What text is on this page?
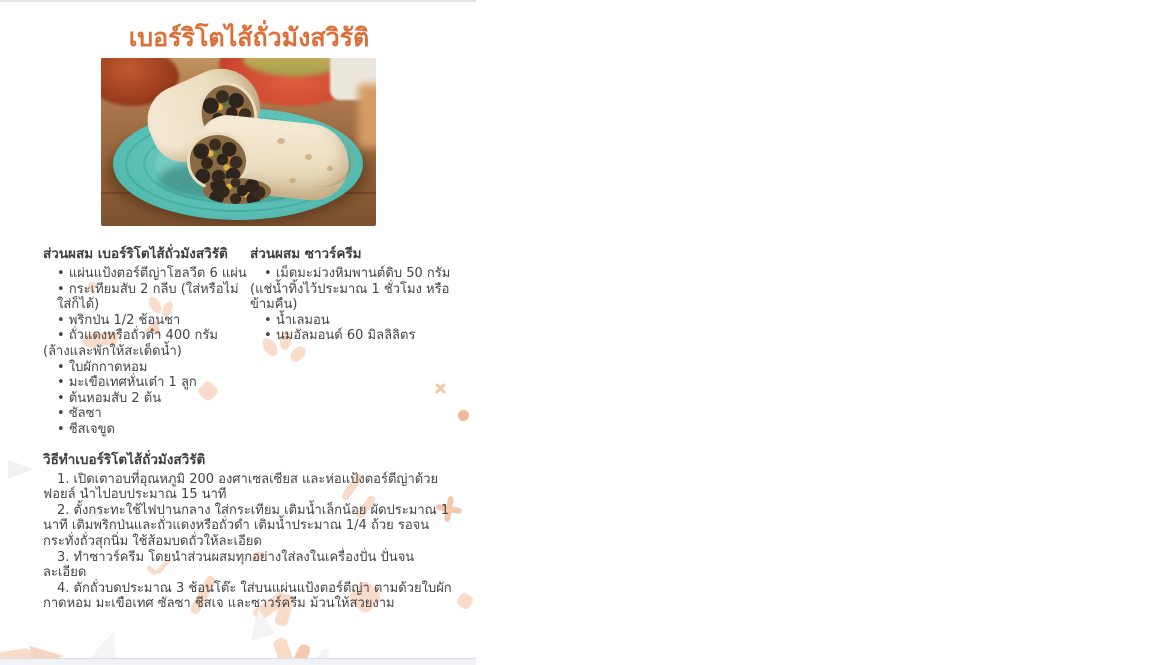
เบอร์ริโตไส้ถั่วมังสวิรัติ
ส่วนผสม เบอร์ริโตไส้ถั่วมังสวิรัติ
• แผ่นแป้งตอร์ตีญ่าโฮลวีต 6 แผ่น
• กระเทียมสับ 2 กลีบ (ใส่หรือไม่ใส่ก็ได้)
• พริกป่น 1/2 ช้อนชา
• ถั่วแดงหรือถั่วดำ 400 กรัม
(ล้างและพักให้สะเด็ดน้ำ)
• ใบผักกาดหอม
• มะเขือเทศหั่นเต๋า 1 ลูก
• ต้นหอมสับ 2 ต้น
• ซัลซา
• ชีสเจขูด
ส่วนผสม ซาวร์ครีม
• เม็ดมะม่วงหิมพานต์ดิบ 50 กรัม
(แช่น้ำทิ้งไว้ประมาณ 1 ชั่วโมง หรือข้ามคืน)
• น้ำเลมอน
• นมอัลมอนด์ 60 มิลลิลิตร
วิธีทำเบอร์ริโตไส้ถั่วมังสวิรัติ

1. เปิดเตาอบที่อุณหภูมิ 200 องศาเซลเซียส และห่อแป้งตอร์ตีญ่าด้วยฟอยล์ นำไปอบประมาณ 15 นาที

2. ตั้งกระทะใช้ไฟปานกลาง ใส่กระเทียม เติมน้ำเล็กน้อย ผัดประมาณ 1 นาที เติมพริกป่นและถั่วแดงหรือถั่วดำ เติมน้ำประมาณ 1/4 ถ้วย รอจนกระทั่งถั่วสุกนิ่ม ใช้ส้อมบดถั่วให้ละเอียด

3. ทำซาวร์ครีม โดยนำส่วนผสมทุกอย่างใส่ลงในเครื่องปั่น ปั่นจนละเอียด

4. ตักถั่วบดประมาณ 3 ช้อนโต๊ะ ใส่บนแผ่นแป้งตอร์ตีญ่า ตามด้วยใบผักกาดหอม มะเขือเทศ ซัลซา ชีสเจ และซาวร์ครีม ม้วนให้สวยงาม
